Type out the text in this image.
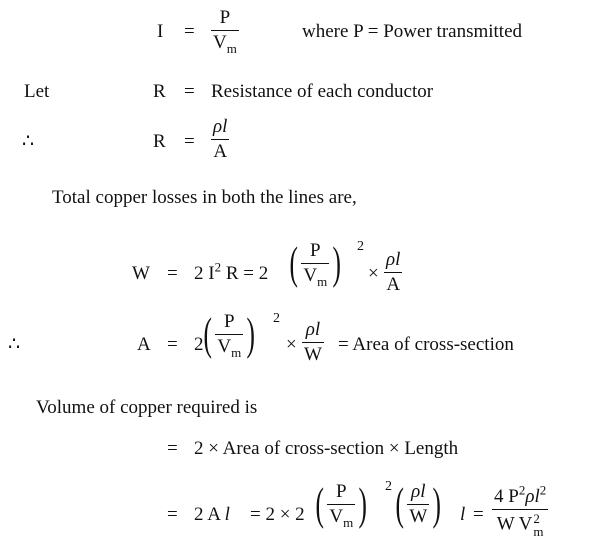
$I = \frac{P}{V_m}$	where P = Power transmitted
Let	R = Resistance of each conductor
∴	$R = \frac{\rho l}{A}$
Total copper losses in both the lines are,
W = 2 $I^2$ R = 2 ( $\frac{P}{V_m}$ ) 2
× $\frac{\rho l}{A}$
∴	A = 2 ( $\frac{P}{V_m}$ ) 2
× $\frac{\rho l}{W}$ = Area of cross-section
Volume of copper required is
= 2 × Area of cross-section × Length
= 2 A l = 2 × 2 ( $\frac{P}{V_m}$ ) 2 ( $\frac{\rho l}{W}$ ) l = 4 $P^2\rho l^2$
W V 2
m
